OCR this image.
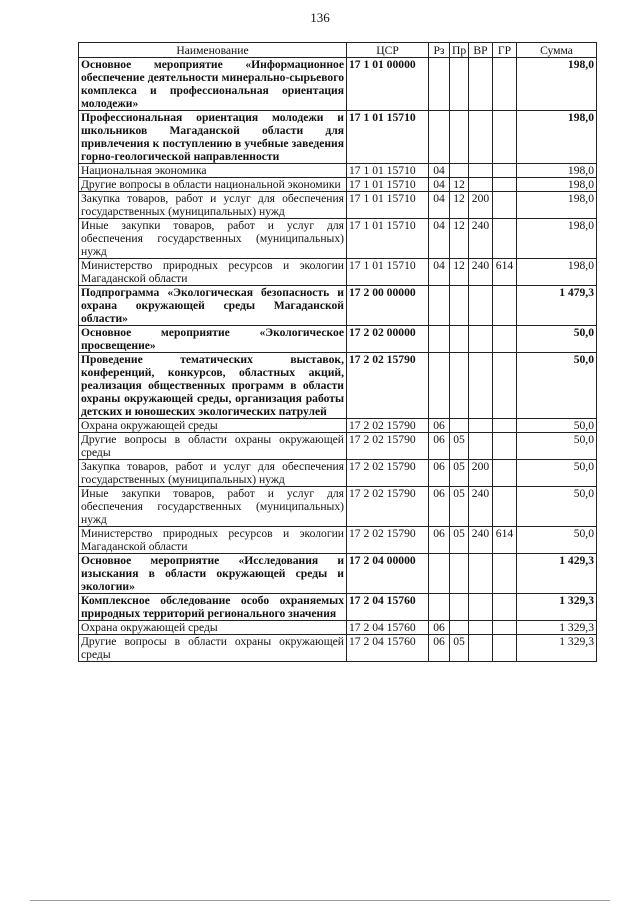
136
Наименование	ЦСР	Рз	Пр	ВР	ГР	Сумма
Основное мероприятие «Информационное обеспечение деятельности минерально-сырьевого комплекса и профессиональная ориентация молодежи»	17 1 01 00000					198,0
Профессиональная ориентация молодежи и школьников Магаданской области для привлечения к поступлению в учебные заведения горно-геологической направленности	17 1 01 15710					198,0
Национальная экономика	17 1 01 15710	04				198,0
Другие вопросы в области национальной экономики	17 1 01 15710	04	12			198,0
Закупка товаров, работ и услуг для обеспечения государственных (муниципальных) нужд	17 1 01 15710	04	12	200		198,0
Иные закупки товаров, работ и услуг для обеспечения государственных (муниципальных) нужд	17 1 01 15710	04	12	240		198,0
Министерство природных ресурсов и экологии Магаданской области	17 1 01 15710	04	12	240	614	198,0
Подпрограмма «Экологическая безопасность и охрана окружающей среды Магаданской области»	17 2 00 00000					1 479,3
Основное мероприятие «Экологическое просвещение»	17 2 02 00000					50,0
Проведение тематических выставок, конференций, конкурсов, областных акций, реализация общественных программ в области охраны окружающей среды, организация работы детских и юношеских экологических патрулей	17 2 02 15790					50,0
Охрана окружающей среды	17 2 02 15790	06				50,0
Другие вопросы в области охраны окружающей среды	17 2 02 15790	06	05			50,0
Закупка товаров, работ и услуг для обеспечения государственных (муниципальных) нужд	17 2 02 15790	06	05	200		50,0
Иные закупки товаров, работ и услуг для обеспечения государственных (муниципальных) нужд	17 2 02 15790	06	05	240		50,0
Министерство природных ресурсов и экологии Магаданской области	17 2 02 15790	06	05	240	614	50,0
Основное мероприятие «Исследования и изыскания в области окружающей среды и экологии»	17 2 04 00000					1 429,3
Комплексное обследование особо охраняемых природных территорий регионального значения	17 2 04 15760					1 329,3
Охрана окружающей среды	17 2 04 15760	06				1 329,3
Другие вопросы в области охраны окружающей среды	17 2 04 15760	06	05			1 329,3
